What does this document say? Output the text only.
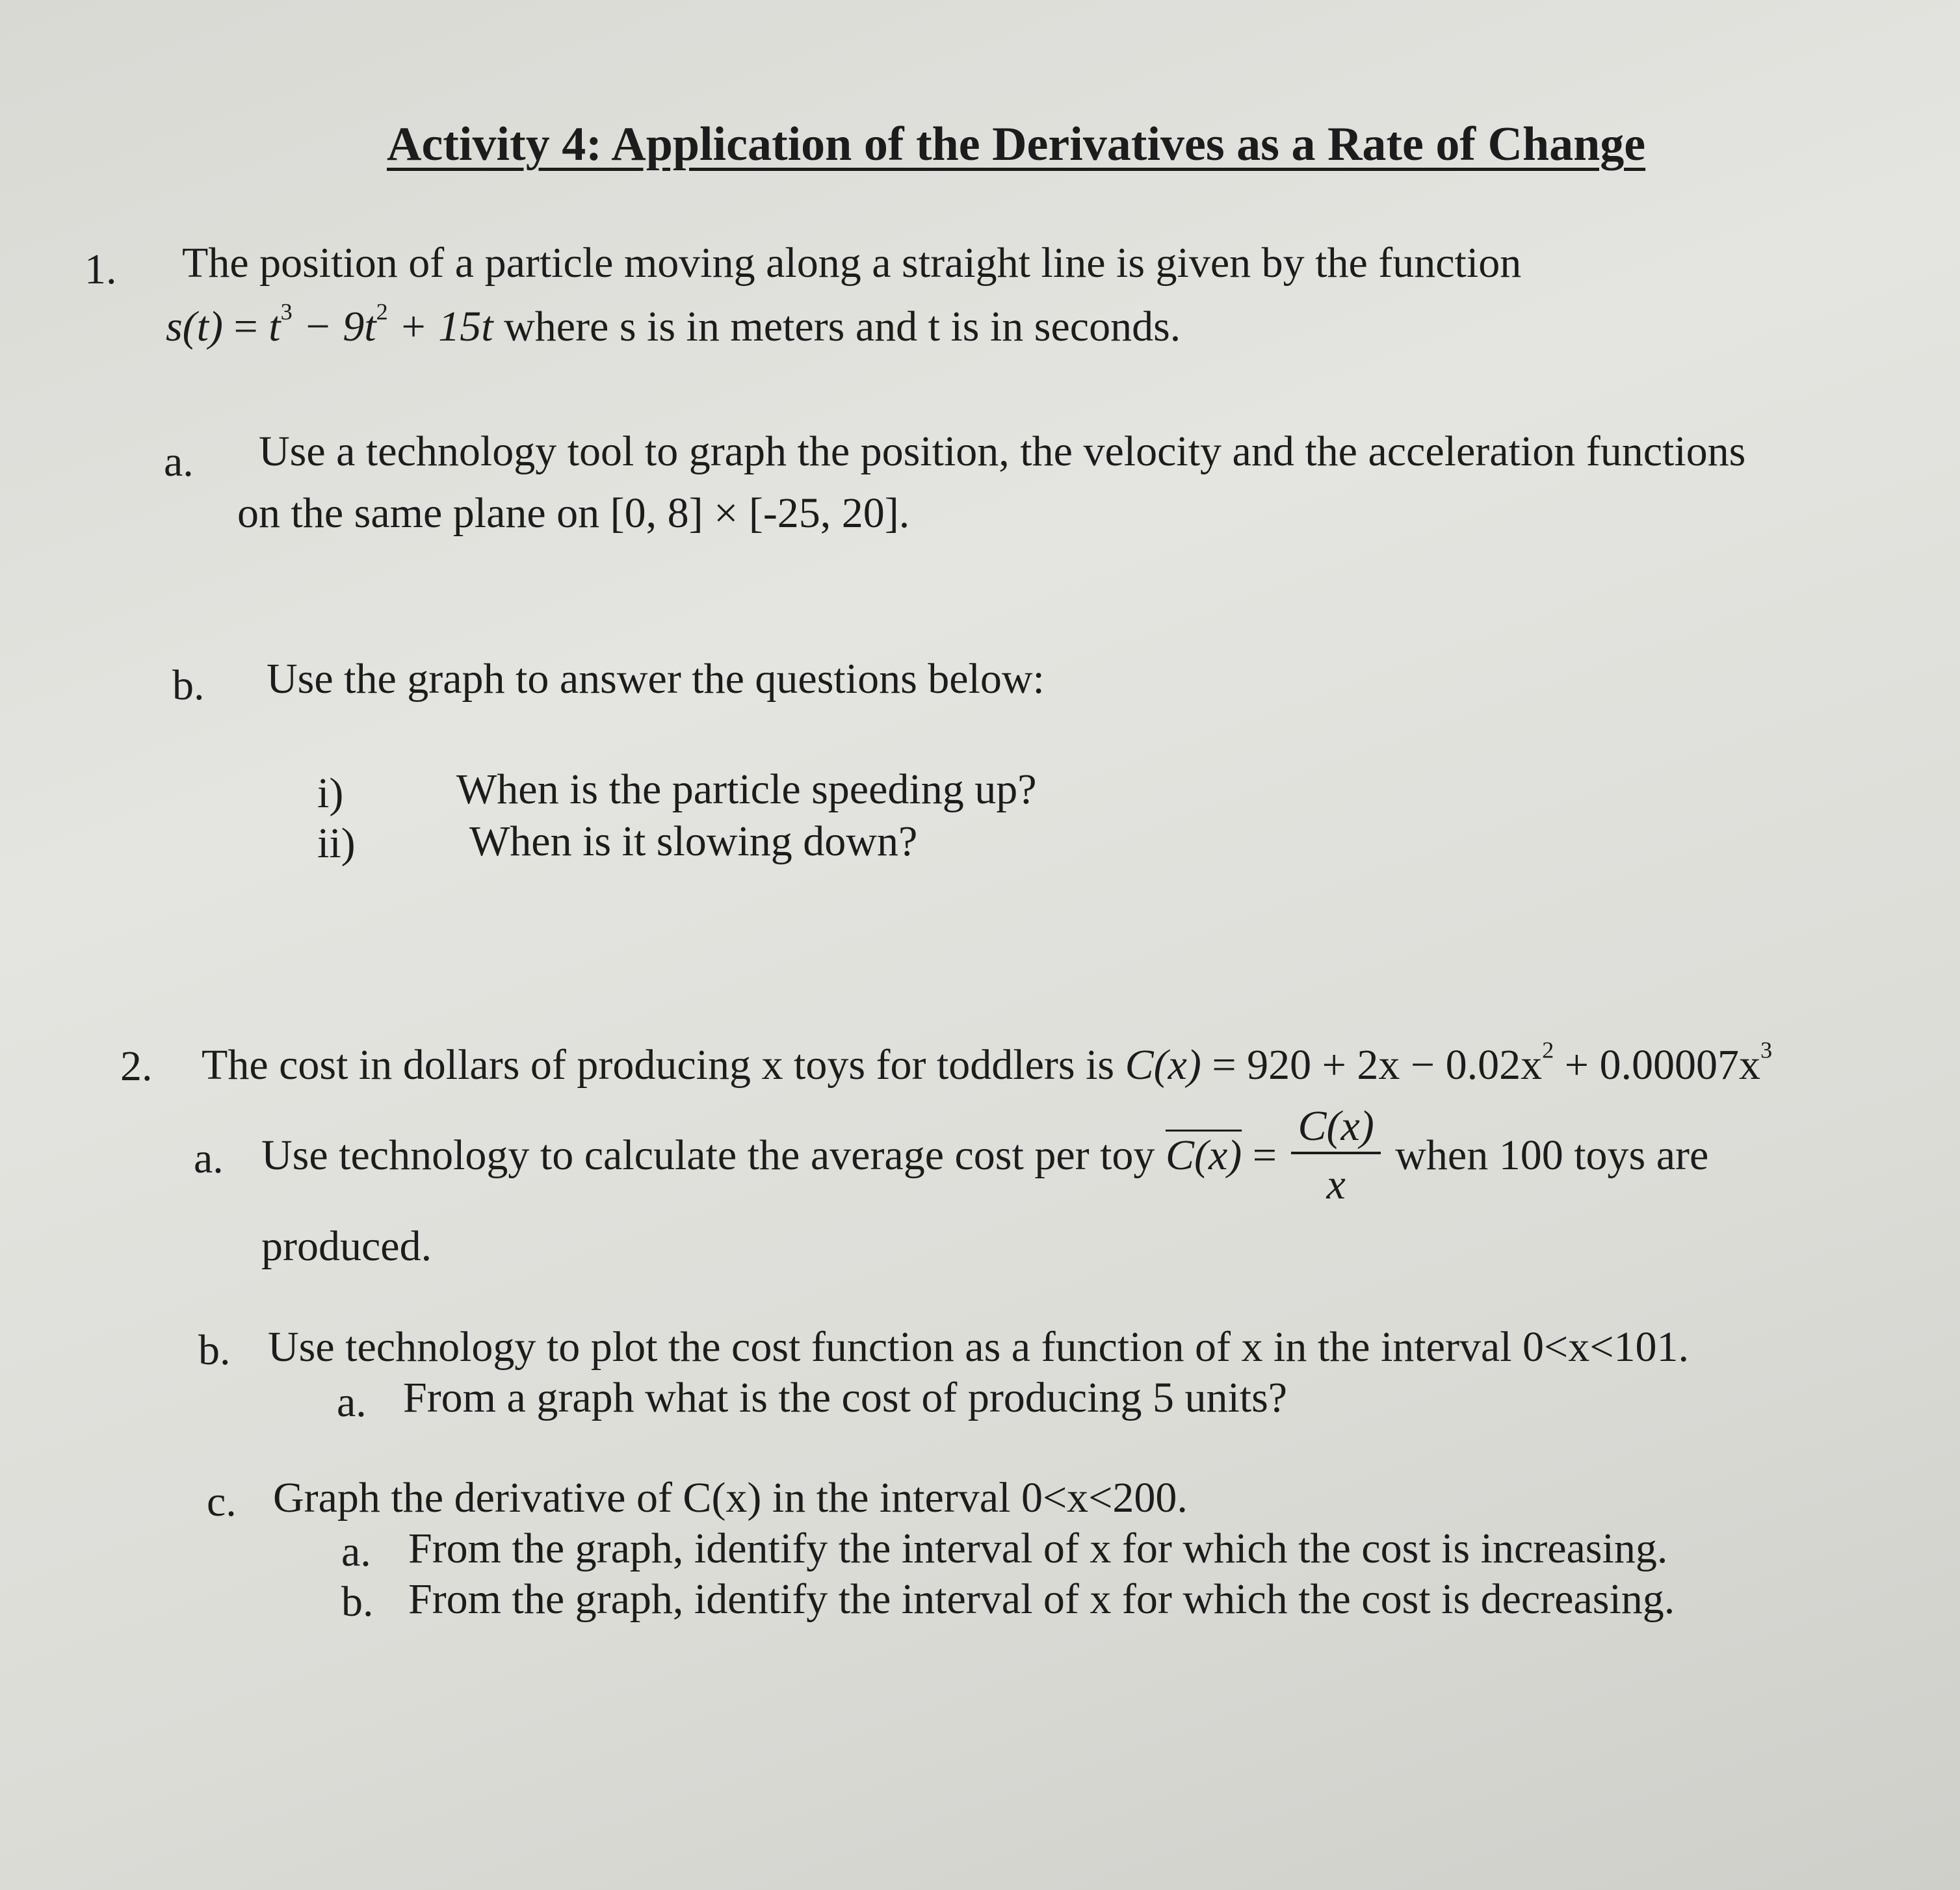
Activity 4: Application of the Derivatives as a Rate of Change
1. The position of a particle moving along a straight line is given by the function
$s(t) = t^3 - 9t^2 + 15t$ where s is in meters and t is in seconds.
a. Use a technology tool to graph the position, the velocity and the acceleration functions
on the same plane on [0, 8] × [-25, 20].
b. Use the graph to answer the questions below:
i)	When is the particle speeding up?
ii)	When is it slowing down?
2. The cost in dollars of producing x toys for toddlers is $C(x) = 920 + 2x - 0.02x^2 + 0.00007x^3$
a. Use technology to calculate the average cost per toy $C(x) = \frac{C(x)}{x}$ when 100 toys are
produced.
b. Use technology to plot the cost function as a function of x in the interval 0<x<101.
a. From a graph what is the cost of producing 5 units?
c. Graph the derivative of C(x) in the interval 0<x<200.
a. From the graph, identify the interval of x for which the cost is increasing.
b. From the graph, identify the interval of x for which the cost is decreasing.
